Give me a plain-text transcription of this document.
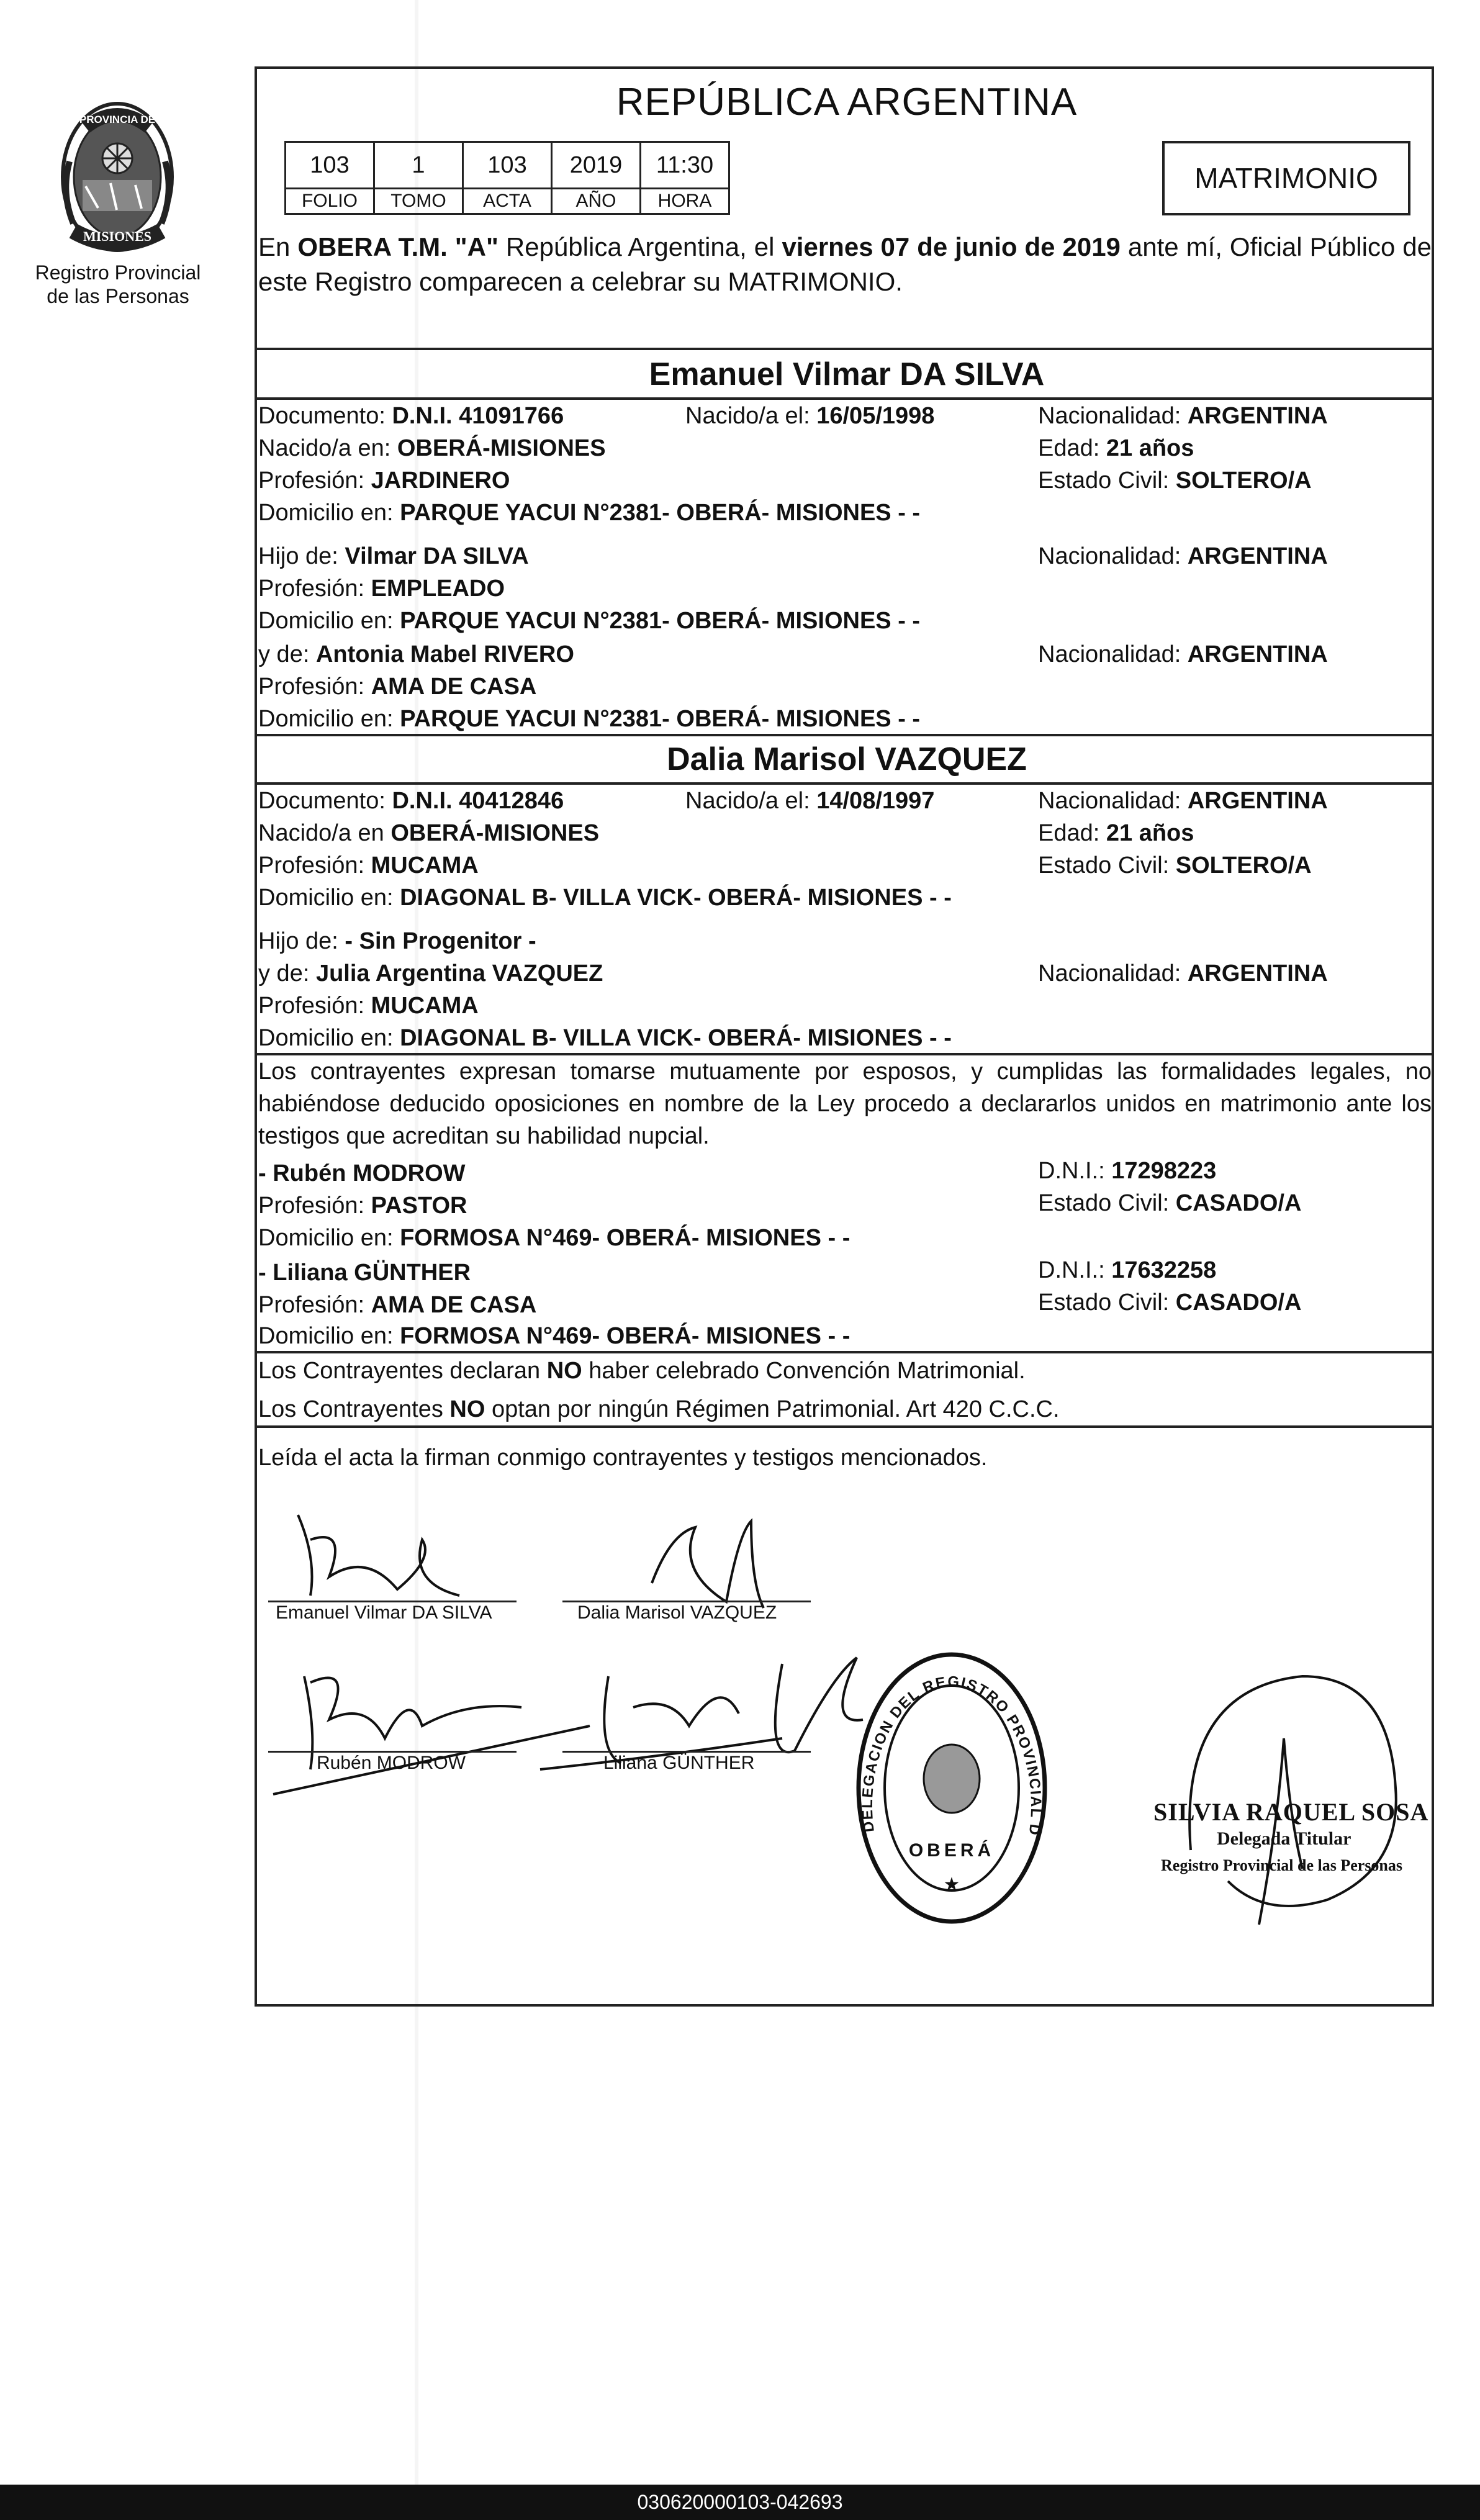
PROVINCIA DE
MISIONES
Registro Provincial
de las Personas
REPÚBLICA ARGENTINA
103	1	103	2019	11:30
FOLIO	TOMO	ACTA	AÑO	HORA
MATRIMONIO
En OBERA T.M. "A" República Argentina, el viernes 07 de junio de 2019 ante mí, Oficial Público de este Registro comparecen a celebrar su MATRIMONIO.
Emanuel Vilmar DA SILVA
Documento: D.N.I. 41091766	Nacido/a el: 16/05/1998	Nacionalidad: ARGENTINA
Nacido/a en: OBERÁ-MISIONES	Edad: 21 años
Profesión: JARDINERO	Estado Civil: SOLTERO/A
Domicilio en: PARQUE YACUI N°2381- OBERÁ- MISIONES - -
Hijo de: Vilmar DA SILVA	Nacionalidad: ARGENTINA
Profesión: EMPLEADO
Domicilio en: PARQUE YACUI N°2381- OBERÁ- MISIONES - -
y de: Antonia Mabel RIVERO	Nacionalidad: ARGENTINA
Profesión: AMA DE CASA
Domicilio en: PARQUE YACUI N°2381- OBERÁ- MISIONES - -
Dalia Marisol VAZQUEZ
Documento: D.N.I. 40412846	Nacido/a el: 14/08/1997	Nacionalidad: ARGENTINA
Nacido/a en OBERÁ-MISIONES	Edad: 21 años
Profesión: MUCAMA	Estado Civil: SOLTERO/A
Domicilio en: DIAGONAL B- VILLA VICK- OBERÁ- MISIONES - -
Hijo de: - Sin Progenitor -
y de: Julia Argentina VAZQUEZ	Nacionalidad: ARGENTINA
Profesión: MUCAMA
Domicilio en: DIAGONAL B- VILLA VICK- OBERÁ- MISIONES - -
Los contrayentes expresan tomarse mutuamente por esposos, y cumplidas las formalidades legales, no habiéndose deducido oposiciones en nombre de la Ley procedo a declararlos unidos en matrimonio ante los testigos que acreditan su habilidad nupcial.
- Rubén MODROW	D.N.I.: 17298223
Profesión: PASTOR	Estado Civil: CASADO/A
Domicilio en: FORMOSA N°469- OBERÁ- MISIONES - -
- Liliana GÜNTHER	D.N.I.: 17632258
Profesión: AMA DE CASA	Estado Civil: CASADO/A
Domicilio en: FORMOSA N°469- OBERÁ- MISIONES - -
Los Contrayentes declaran NO haber celebrado Convención Matrimonial.
Los Contrayentes NO optan por ningún Régimen Patrimonial. Art 420 C.C.C.
Leída el acta la firman conmigo contrayentes y testigos mencionados.
Emanuel Vilmar DA SILVA	Dalia Marisol VAZQUEZ
Rubén MODROW	Liliana GÜNTHER
DELEGACION DEL REGISTRO PROVINCIAL D
OBERÁ
★
SILVIA RAQUEL SOSA
Delegada Titular
Registro Provincial de las Personas
030620000103-042693
